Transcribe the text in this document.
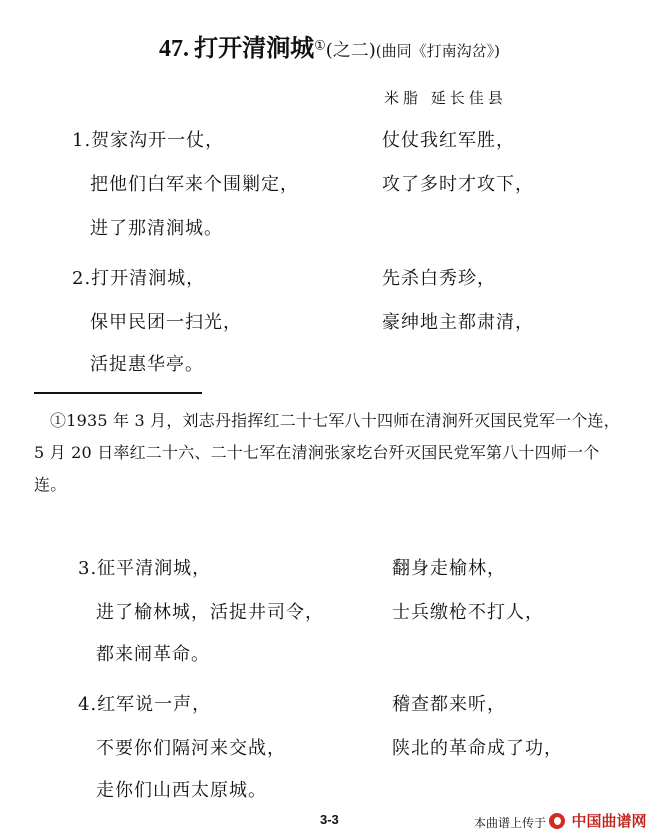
47. 打开清涧城①(之二)(曲同《打南沟岔》)
米脂 延长佳县
1.贺家沟开一仗，
把他们白军来个围剿定，
进了那清涧城。
仗仗我红军胜，
攻了多时才攻下，
2.打开清涧城，
保甲民团一扫光，
活捉惠华亭。
先杀白秀珍，
豪绅地主都肃清，
①1935 年 3 月，刘志丹指挥红二十七军八十四师在清涧歼灭国民党军一个连，5 月 20 日率红二十六、二十七军在清涧张家圪台歼灭国民党军第八十四师一个连。
3.征平清涧城，
进了榆林城，活捉井司令，
都来闹革命。
翻身走榆林，
士兵缴枪不打人，
4.红军说一声，
不要你们隔河来交战，
走你们山西太原城。
稽查都来听，
陕北的革命成了功，
3-3	本曲谱上传于	中国曲谱网
